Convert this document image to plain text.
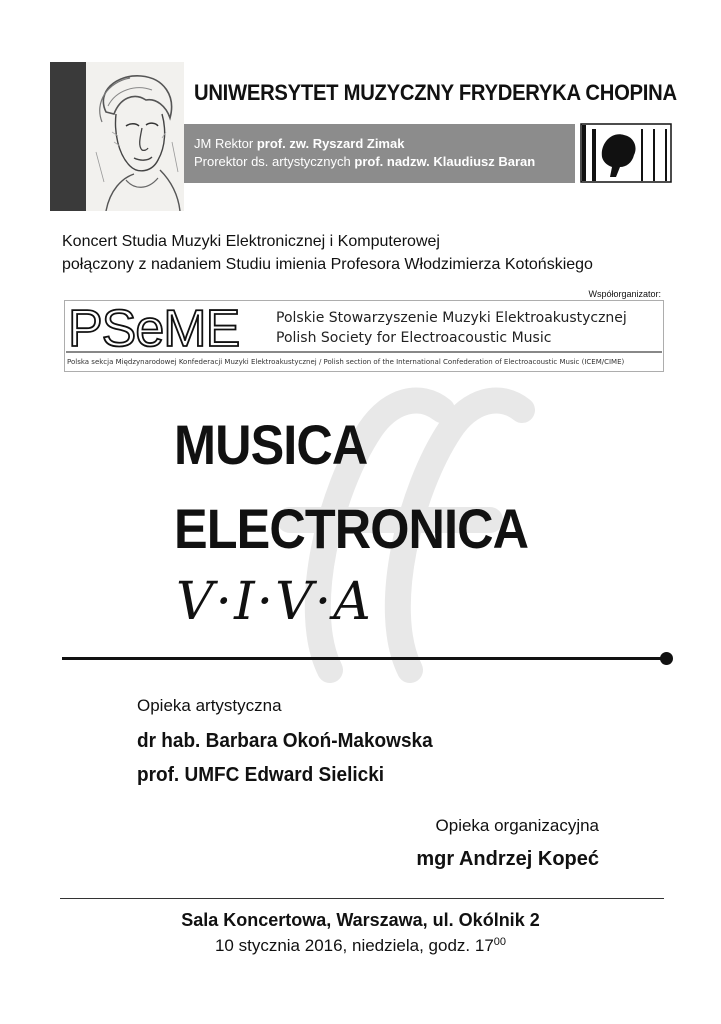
UNIWERSYTET MUZYCZNY FRYDERYKA CHOPINA
JM Rektor prof. zw. Ryszard Zimak
Prorektor ds. artystycznych prof. nadzw. Klaudiusz Baran
Koncert Studia Muzyki Elektronicznej i Komputerowej
połączony z nadaniem Studiu imienia Profesora Włodzimierza Kotońskiego
Współorganizator:
PSeME	Polskie Stowarzyszenie Muzyki Elektroakustycznej
Polish Society for Electroacoustic Music
Polska sekcja Międzynarodowej Konfederacji Muzyki Elektroakustycznej / Polish section of the International Confederation of Electroacoustic Music (ICEM/CIME)
MUSICA
ELECTRONICA
V·I·V·A
Opieka artystyczna
dr hab. Barbara Okoń-Makowska
prof. UMFC Edward Sielicki
Opieka organizacyjna
mgr Andrzej Kopeć
Sala Koncertowa, Warszawa, ul. Okólnik 2
10 stycznia 2016, niedziela, godz. $17^{00}$
